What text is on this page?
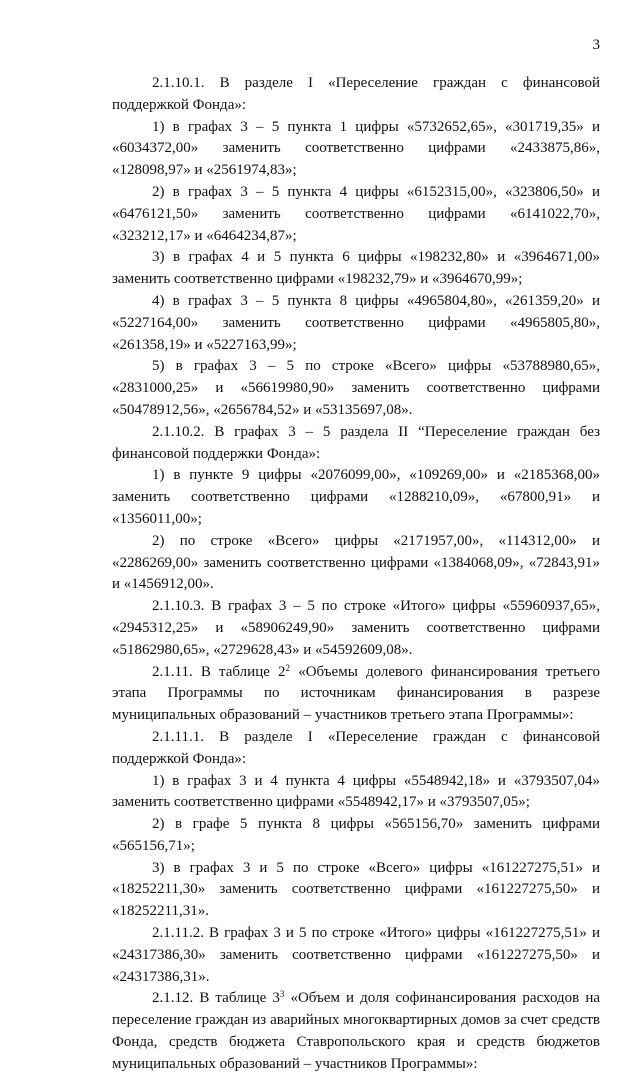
3

2.1.10.1. В разделе I «Переселение граждан с финансовой поддержкой Фонда»:

1) в графах 3 – 5 пункта 1 цифры «5732652,65», «301719,35» и «6034372,00» заменить соответственно цифрами «2433875,86», «128098,97» и «2561974,83»;

2) в графах 3 – 5 пункта 4 цифры «6152315,00», «323806,50» и «6476121,50» заменить соответственно цифрами «6141022,70», «323212,17» и «6464234,87»;

3) в графах 4 и 5 пункта 6 цифры «198232,80» и «3964671,00» заменить соответственно цифрами «198232,79» и «3964670,99»;

4) в графах 3 – 5 пункта 8 цифры «4965804,80», «261359,20» и «5227164,00» заменить соответственно цифрами «4965805,80», «261358,19» и «5227163,99»;

5) в графах 3 – 5 по строке «Всего» цифры «53788980,65», «2831000,25» и «56619980,90» заменить соответственно цифрами «50478912,56», «2656784,52» и «53135697,08».

2.1.10.2. В графах 3 – 5 раздела II “Переселение граждан без финансовой поддержки Фонда»:

1) в пункте 9 цифры «2076099,00», «109269,00» и «2185368,00» заменить соответственно цифрами «1288210,09», «67800,91» и «1356011,00»;

2) по строке «Всего» цифры «2171957,00», «114312,00» и «2286269,00» заменить соответственно цифрами «1384068,09», «72843,91» и «1456912,00».

2.1.10.3. В графах 3 – 5 по строке «Итого» цифры «55960937,65», «2945312,25» и «58906249,90» заменить соответственно цифрами «51862980,65», «2729628,43» и «54592609,08».

2.1.11. В таблице $2^2$ «Объемы долевого финансирования третьего этапа Программы по источникам финансирования в разрезе муниципальных образований – участников третьего этапа Программы»:

2.1.11.1. В разделе I «Переселение граждан с финансовой поддержкой Фонда»:

1) в графах 3 и 4 пункта 4 цифры «5548942,18» и «3793507,04» заменить соответственно цифрами «5548942,17» и «3793507,05»;

2) в графе 5 пункта 8 цифры «565156,70» заменить цифрами «565156,71»;

3) в графах 3 и 5 по строке «Всего» цифры «161227275,51» и «18252211,30» заменить соответственно цифрами «161227275,50» и «18252211,31».

2.1.11.2. В графах 3 и 5 по строке «Итого» цифры «161227275,51» и «24317386,30» заменить соответственно цифрами «161227275,50» и «24317386,31».

2.1.12. В таблице $3^3$ «Объем и доля софинансирования расходов на переселение граждан из аварийных многоквартирных домов за счет средств Фонда, средств бюджета Ставропольского края и средств бюджетов муниципальных образований – участников Программы»:
